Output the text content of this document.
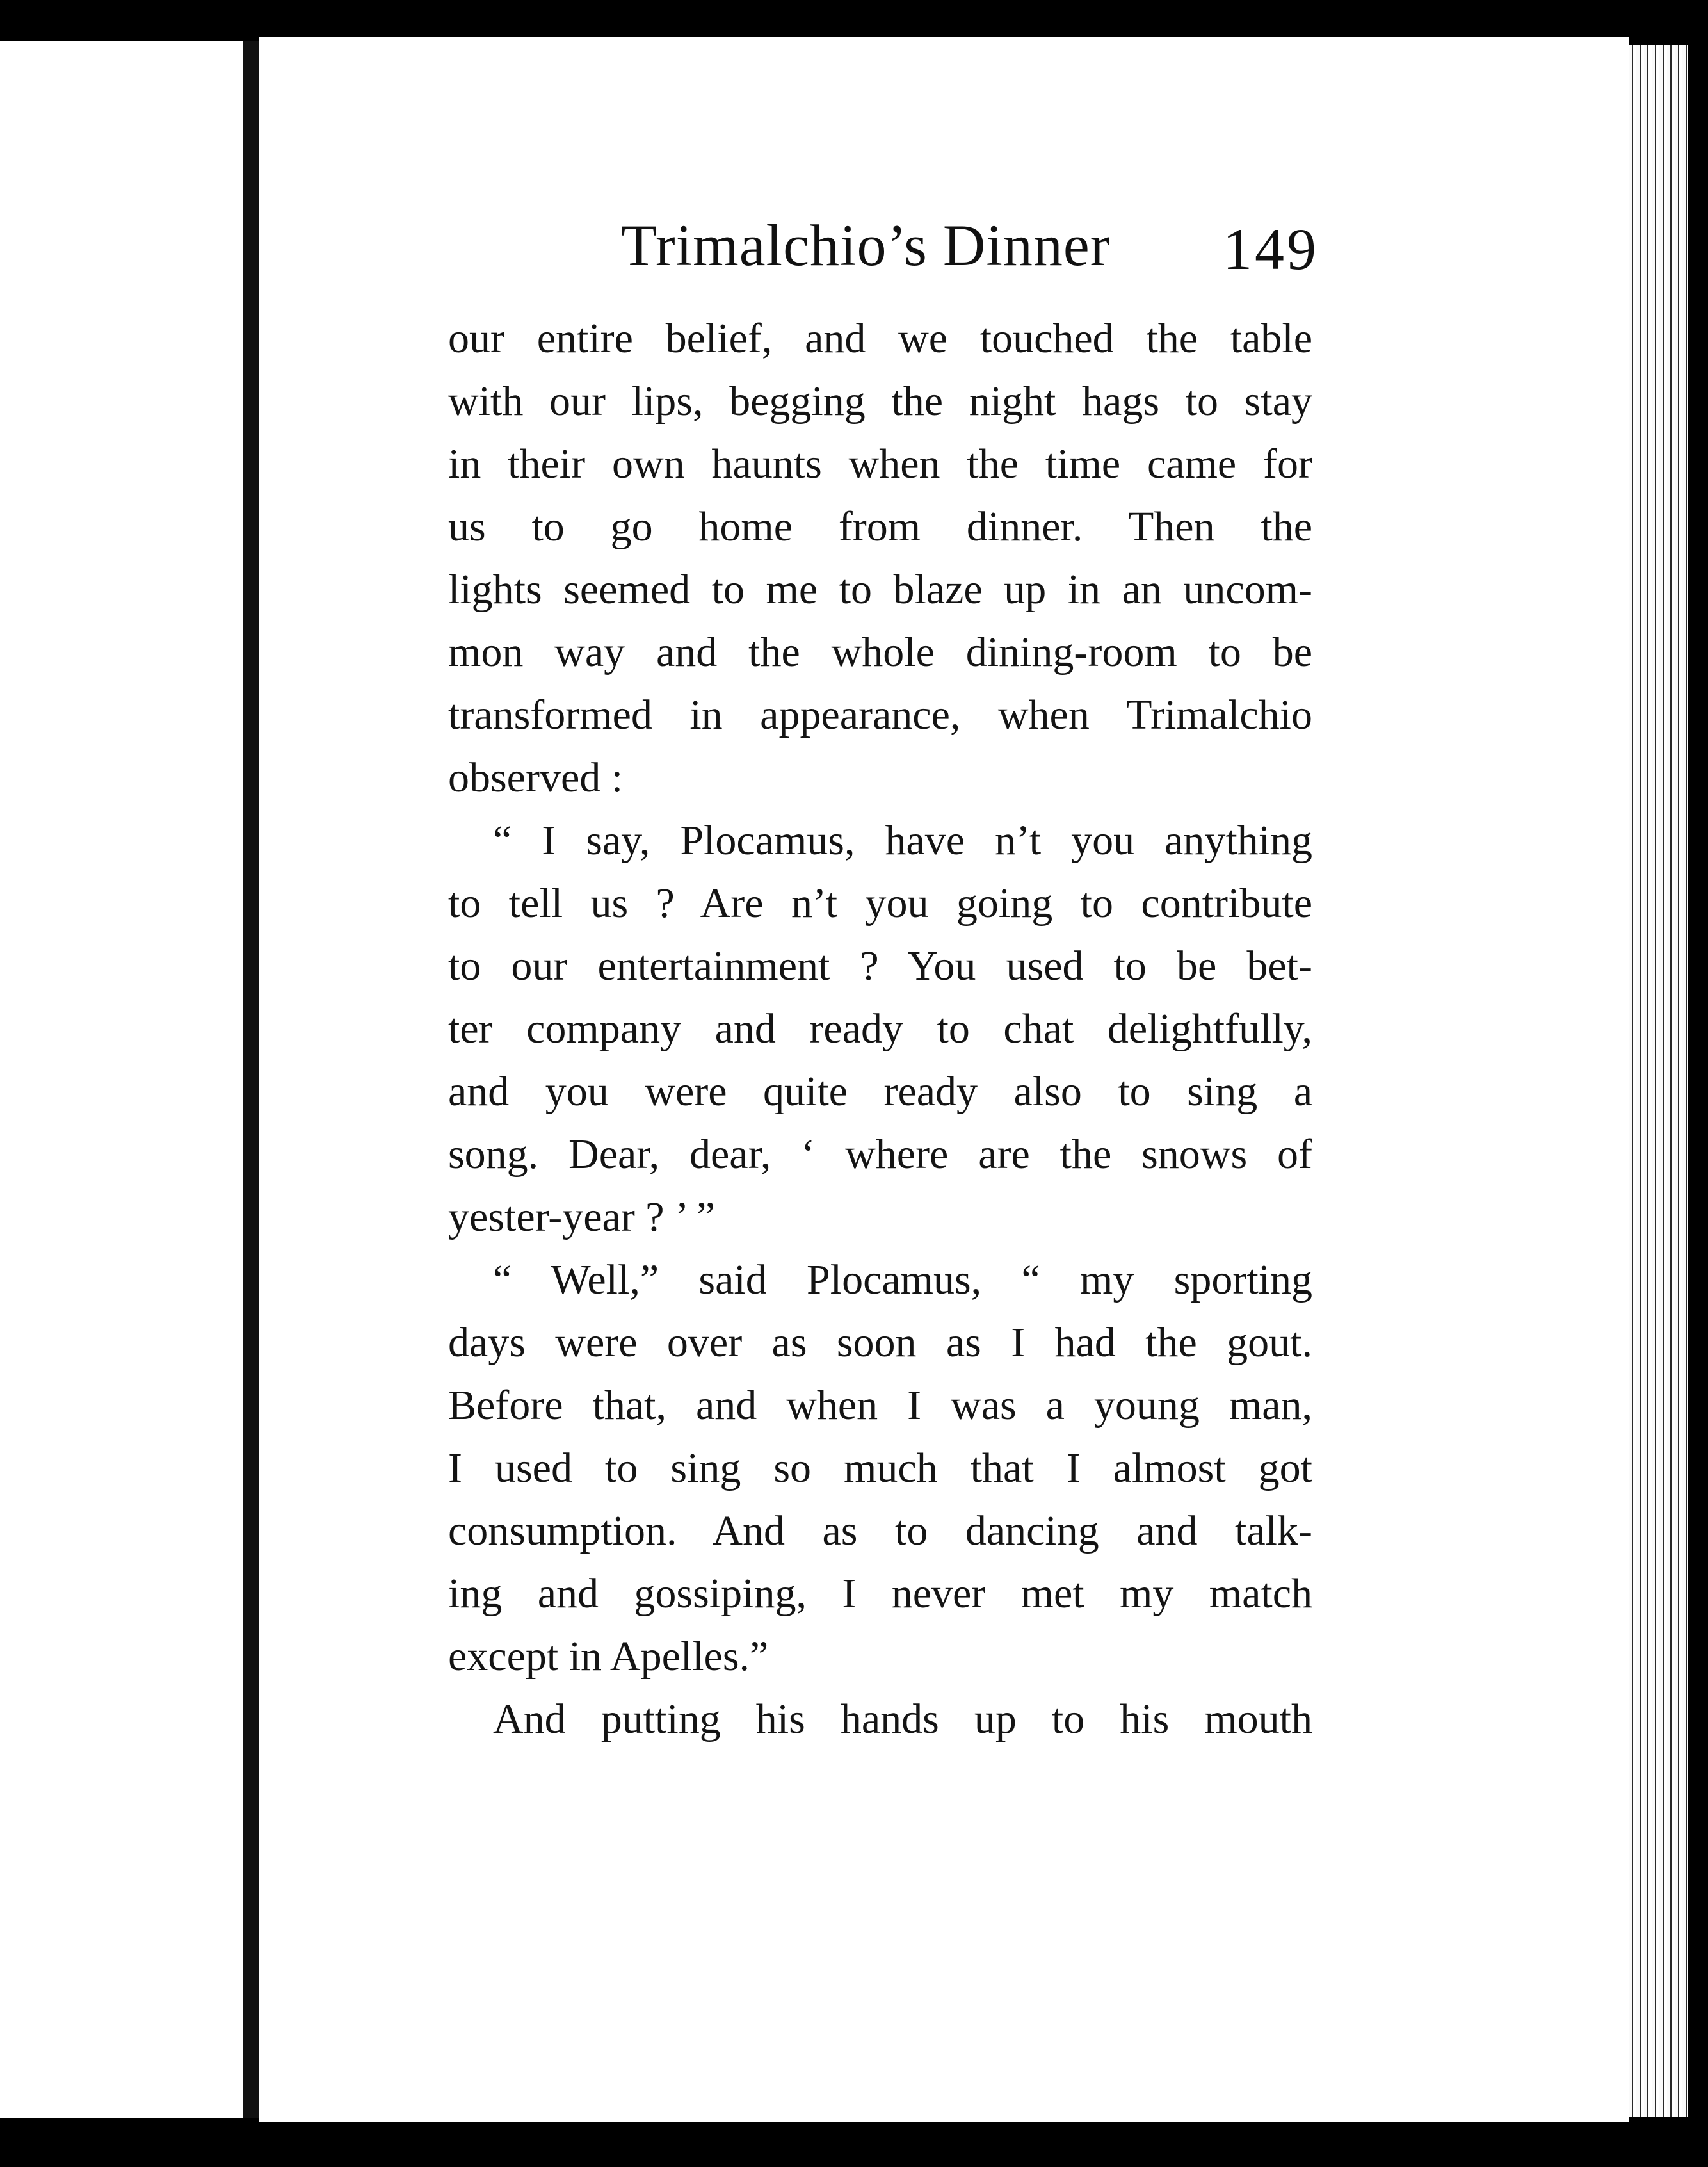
Trimalchio’s Dinner 149
our entire belief, and we touched the table
with our lips, begging the night hags to stay
in their own haunts when the time came for
us to go home from dinner. Then the
lights seemed to me to blaze up in an uncom-
mon way and the whole dining-room to be
transformed in appearance, when Trimalchio
observed :
“ I say, Plocamus, have n’t you anything
to tell us ? Are n’t you going to contribute
to our entertainment ? You used to be bet-
ter company and ready to chat delightfully,
and you were quite ready also to sing a
song. Dear, dear, ‘ where are the snows of
yester-year ? ’ ”
“ Well,” said Plocamus, “ my sporting
days were over as soon as I had the gout.
Before that, and when I was a young man,
I used to sing so much that I almost got
consumption. And as to dancing and talk-
ing and gossiping, I never met my match
except in Apelles.”
And putting his hands up to his mouth
